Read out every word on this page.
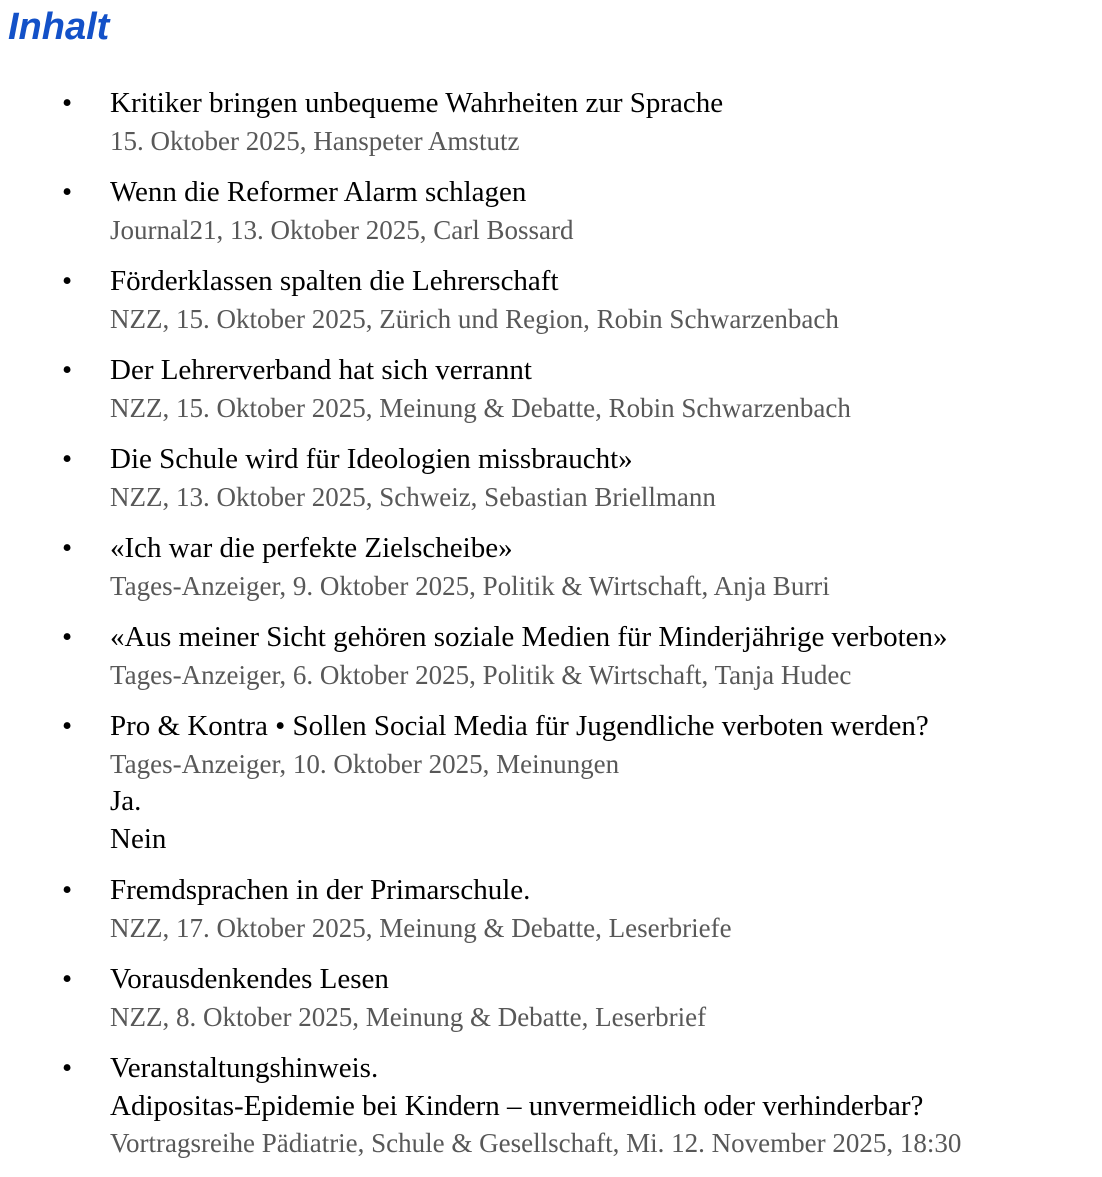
Inhalt
• Kritiker bringen unbequeme Wahrheiten zur Sprache
15. Oktober 2025, Hanspeter Amstutz
• Wenn die Reformer Alarm schlagen
Journal21, 13. Oktober 2025, Carl Bossard
• Förderklassen spalten die Lehrerschaft
NZZ, 15. Oktober 2025, Zürich und Region, Robin Schwarzenbach
• Der Lehrerverband hat sich verrannt
NZZ, 15. Oktober 2025, Meinung & Debatte, Robin Schwarzenbach
• Die Schule wird für Ideologien missbraucht»
NZZ, 13. Oktober 2025, Schweiz, Sebastian Briellmann
• «Ich war die perfekte Zielscheibe»
Tages-Anzeiger, 9. Oktober 2025, Politik & Wirtschaft, Anja Burri
• «Aus meiner Sicht gehören soziale Medien für Minderjährige verboten»
Tages-Anzeiger, 6. Oktober 2025, Politik & Wirtschaft, Tanja Hudec
• Pro & Kontra • Sollen Social Media für Jugendliche verboten werden?
Tages-Anzeiger, 10. Oktober 2025, Meinungen
Ja.
Nein
• Fremdsprachen in der Primarschule.
NZZ, 17. Oktober 2025, Meinung & Debatte, Leserbriefe
• Vorausdenkendes Lesen
NZZ, 8. Oktober 2025, Meinung & Debatte, Leserbrief
• Veranstaltungshinweis.
Adipositas-Epidemie bei Kindern – unvermeidlich oder verhinderbar?
Vortragsreihe Pädiatrie, Schule & Gesellschaft, Mi. 12. November 2025, 18:30
